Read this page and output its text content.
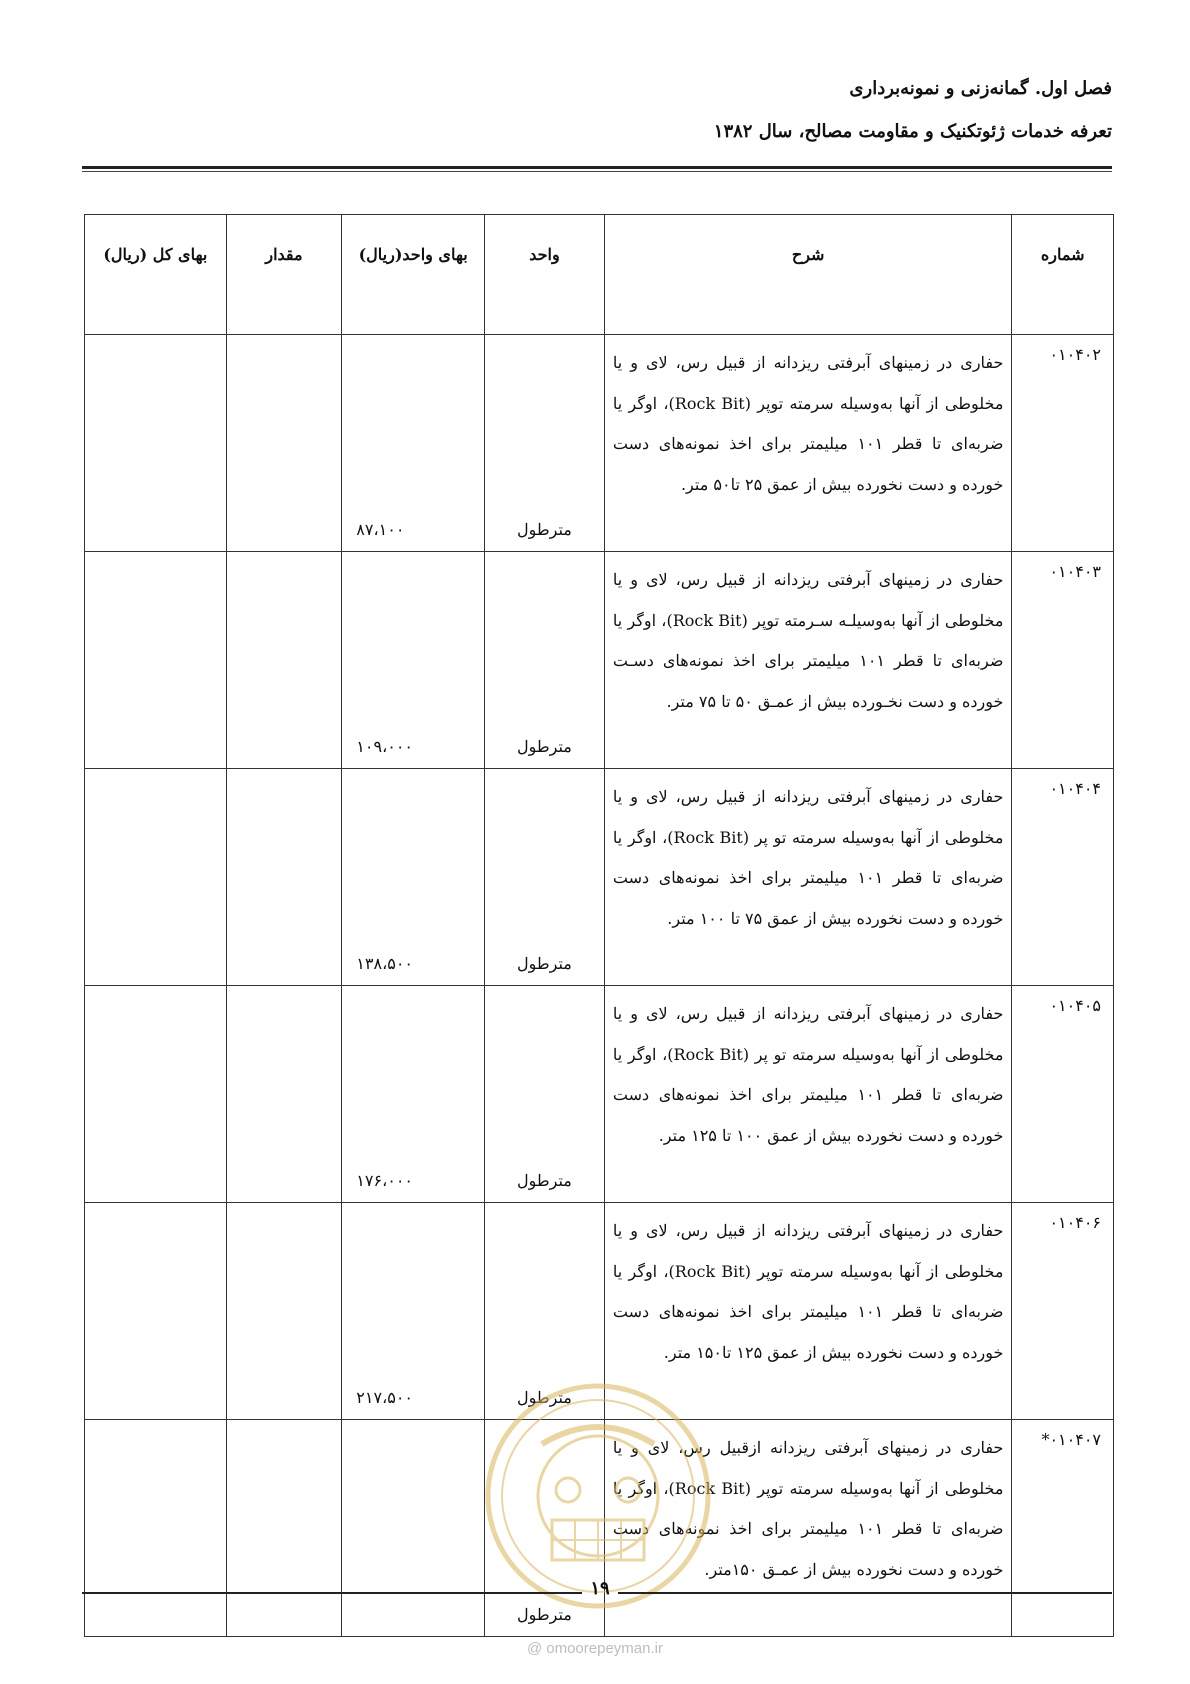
فصل اول. گمانه‌زنی و نمونه‌برداری
تعرفه خدمات ژئوتکنیک و مقاومت مصالح، سال ۱۳۸۲
شماره	شرح	واحد	بهای واحد(ریال)	مقدار	بهای کل (ریال)
۰۱۰۴۰۲	حفاری در زمینهای آبرفتی ریزدانه از قبیل رس، لای و یا مخلوطی از آنها به‌وسیله سرمته توپر (Rock Bit)، اوگر یا ضربه‌ای تا قطر ۱۰۱ میلیمتر برای اخذ نمونه‌های دست خورده و دست نخورده بیش از عمق ۲۵ تا۵۰ متر.	مترطول	۸۷،۱۰۰		
۰۱۰۴۰۳	حفاری در زمینهای آبرفتی ریزدانه از قبیل رس، لای و یا مخلوطی از آنها به‌وسیلـه سـرمته توپر (Rock Bit)، اوگر یا ضربه‌ای تا قطر ۱۰۱ میلیمتر برای اخذ نمونه‌های دسـت خورده و دست نخـورده بیش از عمـق ۵۰ تا ۷۵ متر.	مترطول	۱۰۹،۰۰۰		
۰۱۰۴۰۴	حفاری در زمینهای آبرفتی ریزدانه از قبیل رس، لای و یا مخلوطی از آنها به‌وسیله سرمته تو پر (Rock Bit)، اوگر یا ضربه‌ای تا قطر ۱۰۱ میلیمتر برای اخذ نمونه‌های دست خورده و دست نخورده بیش از عمق ۷۵ تا ۱۰۰ متر.	مترطول	۱۳۸،۵۰۰		
۰۱۰۴۰۵	حفاری در زمینهای آبرفتی ریزدانه از قبیل رس، لای و یا مخلوطی از آنها به‌وسیله سرمته تو پر (Rock Bit)، اوگر یا ضربه‌ای تا قطر ۱۰۱ میلیمتر برای اخذ نمونه‌های دست خورده و دست نخورده بیش از عمق ۱۰۰ تا ۱۲۵ متر.	مترطول	۱۷۶،۰۰۰		
۰۱۰۴۰۶	حفاری در زمینهای آبرفتی ریزدانه از قبیل رس، لای و یا مخلوطی از آنها به‌وسیله سرمته توپر (Rock Bit)، اوگر یا ضربه‌ای تا قطر ۱۰۱ میلیمتر برای اخذ نمونه‌های دست خورده و دست نخورده بیش از عمق ۱۲۵ تا۱۵۰ متر.	مترطول	۲۱۷،۵۰۰		
۰۱۰۴۰۷*	حفاری در زمینهای آبرفتی ریزدانه ازقبیل رس، لای و یا مخلوطی از آنها به‌وسیله سرمته توپر (Rock Bit)، اوگر یا ضربه‌ای تا قطر ۱۰۱ میلیمتر برای اخذ نمونه‌های دست خورده و دست نخورده بیش از عمـق ۱۵۰متر.	مترطول			
۱۹
@ omoorepeyman.ir
